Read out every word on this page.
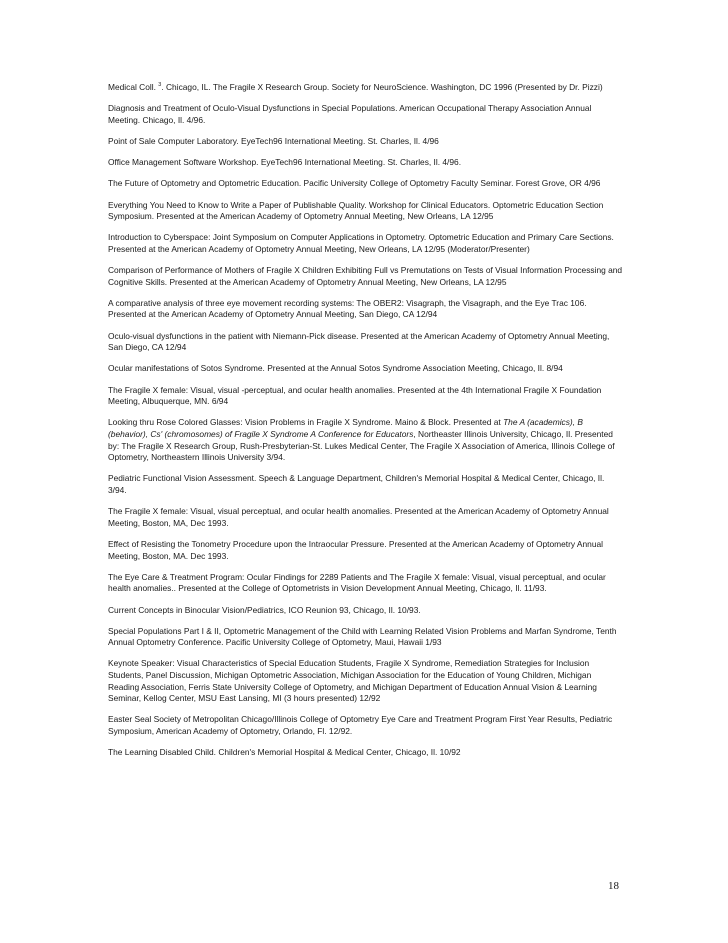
Medical Coll. $^3$. Chicago, IL. The Fragile X Research Group. Society for NeuroScience. Washington, DC 1996 (Presented by Dr. Pizzi)

Diagnosis and Treatment of Oculo-Visual Dysfunctions in Special Populations. American Occupational Therapy Association Annual Meeting. Chicago, Il. 4/96.

Point of Sale Computer Laboratory. EyeTech96 International Meeting. St. Charles, Il. 4/96

Office Management Software Workshop. EyeTech96 International Meeting. St. Charles, Il. 4/96.

The Future of Optometry and Optometric Education. Pacific University College of Optometry Faculty Seminar. Forest Grove, OR 4/96

Everything You Need to Know to Write a Paper of Publishable Quality. Workshop for Clinical Educators. Optometric Education Section Symposium. Presented at the American Academy of Optometry Annual Meeting, New Orleans, LA 12/95

Introduction to Cyberspace: Joint Symposium on Computer Applications in Optometry. Optometric Education and Primary Care Sections. Presented at the American Academy of Optometry Annual Meeting, New Orleans, LA 12/95 (Moderator/Presenter)

Comparison of Performance of Mothers of Fragile X Children Exhibiting Full vs Premutations on Tests of Visual Information Processing and Cognitive Skills. Presented at the American Academy of Optometry Annual Meeting, New Orleans, LA 12/95

A comparative analysis of three eye movement recording systems: The OBER2: Visagraph, the Visagraph, and the Eye Trac 106. Presented at the American Academy of Optometry Annual Meeting, San Diego, CA 12/94

Oculo-visual dysfunctions in the patient with Niemann-Pick disease. Presented at the American Academy of Optometry Annual Meeting, San Diego, CA 12/94

Ocular manifestations of Sotos Syndrome. Presented at the Annual Sotos Syndrome Association Meeting, Chicago, Il. 8/94

The Fragile X female: Visual, visual -perceptual, and ocular health anomalies. Presented at the 4th International Fragile X Foundation Meeting, Albuquerque, MN. 6/94

Looking thru Rose Colored Glasses: Vision Problems in Fragile X Syndrome. Maino & Block. Presented at The A (academics), B (behavior), Cs' (chromosomes) of Fragile X Syndrome A Conference for Educators, Northeaster Illinois University, Chicago, Il. Presented by: The Fragile X Research Group, Rush-Presbyterian-St. Lukes Medical Center, The Fragile X Association of America, Illinois College of Optometry, Northeastern Illinois University 3/94.

Pediatric Functional Vision Assessment. Speech & Language Department, Children's Memorial Hospital & Medical Center, Chicago, Il. 3/94.

The Fragile X female: Visual, visual perceptual, and ocular health anomalies. Presented at the American Academy of Optometry Annual Meeting, Boston, MA, Dec 1993.

Effect of Resisting the Tonometry Procedure upon the Intraocular Pressure. Presented at the American Academy of Optometry Annual Meeting, Boston, MA. Dec 1993.

The Eye Care & Treatment Program: Ocular Findings for 2289 Patients and The Fragile X female: Visual, visual perceptual, and ocular health anomalies.. Presented at the College of Optometrists in Vision Development Annual Meeting, Chicago, Il. 11/93.

Current Concepts in Binocular Vision/Pediatrics, ICO Reunion 93, Chicago, Il. 10/93.

Special Populations Part I & II, Optometric Management of the Child with Learning Related Vision Problems and Marfan Syndrome, Tenth Annual Optometry Conference. Pacific University College of Optometry, Maui, Hawaii 1/93

Keynote Speaker: Visual Characteristics of Special Education Students, Fragile X Syndrome, Remediation Strategies for Inclusion Students, Panel Discussion, Michigan Optometric Association, Michigan Association for the Education of Young Children, Michigan Reading Association, Ferris State University College of Optometry, and Michigan Department of Education Annual Vision & Learning Seminar, Kellog Center, MSU East Lansing, MI (3 hours presented) 12/92

Easter Seal Society of Metropolitan Chicago/Illinois College of Optometry Eye Care and Treatment Program First Year Results, Pediatric Symposium, American Academy of Optometry, Orlando, Fl. 12/92.

The Learning Disabled Child. Children's Memorial Hospital & Medical Center, Chicago, Il. 10/92

18
